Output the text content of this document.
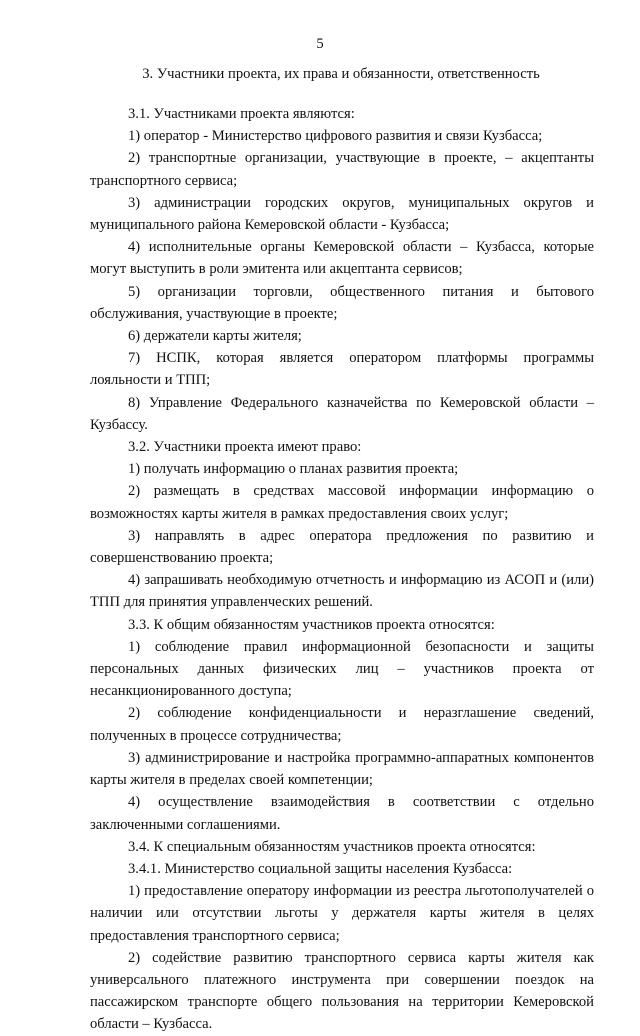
5
3. Участники проекта, их права и обязанности, ответственность

3.1. Участниками проекта являются:

1) оператор - Министерство цифрового развития и связи Кузбасса;

2) транспортные организации, участвующие в проекте, – акцептанты транспортного сервиса;

3) администрации городских округов, муниципальных округов и муниципального района Кемеровской области - Кузбасса;

4) исполнительные органы Кемеровской области – Кузбасса, которые могут выступить в роли эмитента или акцептанта сервисов;

5) организации торговли, общественного питания и бытового обслуживания, участвующие в проекте;

6) держатели карты жителя;

7) НСПК, которая является оператором платформы программы лояльности и ТПП;

8) Управление Федерального казначейства по Кемеровской области – Кузбассу.

3.2. Участники проекта имеют право:

1) получать информацию о планах развития проекта;

2) размещать в средствах массовой информации информацию о возможностях карты жителя в рамках предоставления своих услуг;

3) направлять в адрес оператора предложения по развитию и совершенствованию проекта;

4) запрашивать необходимую отчетность и информацию из АСОП и (или) ТПП для принятия управленческих решений.

3.3. К общим обязанностям участников проекта относятся:

1) соблюдение правил информационной безопасности и защиты персональных данных физических лиц – участников проекта от несанкционированного доступа;

2) соблюдение конфиденциальности и неразглашение сведений, полученных в процессе сотрудничества;

3) администрирование и настройка программно-аппаратных компонентов карты жителя в пределах своей компетенции;

4) осуществление взаимодействия в соответствии с отдельно заключенными соглашениями.

3.4. К специальным обязанностям участников проекта относятся:

3.4.1. Министерство социальной защиты населения Кузбасса:

1) предоставление оператору информации из реестра льготополучателей о наличии или отсутствии льготы у держателя карты жителя в целях предоставления транспортного сервиса;

2) содействие развитию транспортного сервиса карты жителя как универсального платежного инструмента при совершении поездок на пассажирском транспорте общего пользования на территории Кемеровской области – Кузбасса.
